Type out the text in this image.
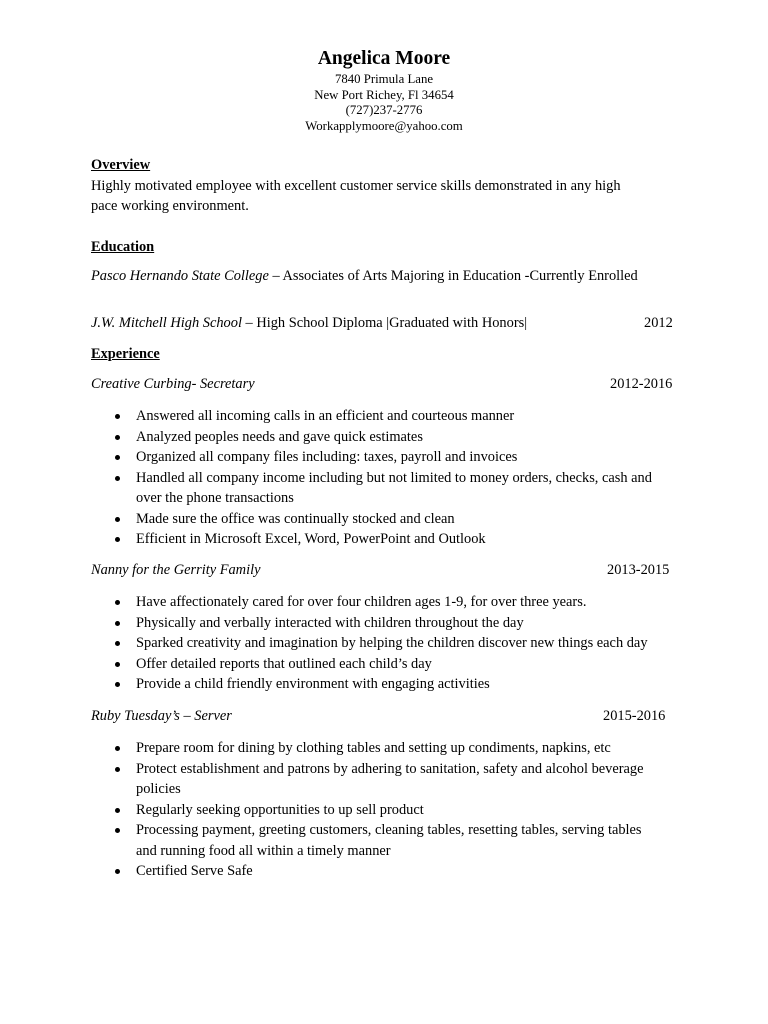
Angelica Moore
7840 Primula Lane
New Port Richey, Fl 34654
(727)237-2776
Workapplymoore@yahoo.com
Overview
Highly motivated employee with excellent customer service skills demonstrated in any high
pace working environment.
Education
Pasco Hernando State College – Associates of Arts Majoring in Education -Currently Enrolled
J.W. Mitchell High School – High School Diploma |Graduated with Honors|	2012
Experience
Creative Curbing- Secretary	2012-2016
Answered all incoming calls in an efficient and courteous manner
Analyzed peoples needs and gave quick estimates
Organized all company files including: taxes, payroll and invoices
Handled all company income including but not limited to money orders, checks, cash and
over the phone transactions
Made sure the office was continually stocked and clean
Efficient in Microsoft Excel, Word, PowerPoint and Outlook
Nanny for the Gerrity Family	2013-2015
Have affectionately cared for over four children ages 1-9, for over three years.
Physically and verbally interacted with children throughout the day
Sparked creativity and imagination by helping the children discover new things each day
Offer detailed reports that outlined each child’s day
Provide a child friendly environment with engaging activities
Ruby Tuesday’s – Server	2015-2016
Prepare room for dining by clothing tables and setting up condiments, napkins, etc
Protect establishment and patrons by adhering to sanitation, safety and alcohol beverage
policies
Regularly seeking opportunities to up sell product
Processing payment, greeting customers, cleaning tables, resetting tables, serving tables
and running food all within a timely manner
Certified Serve Safe
